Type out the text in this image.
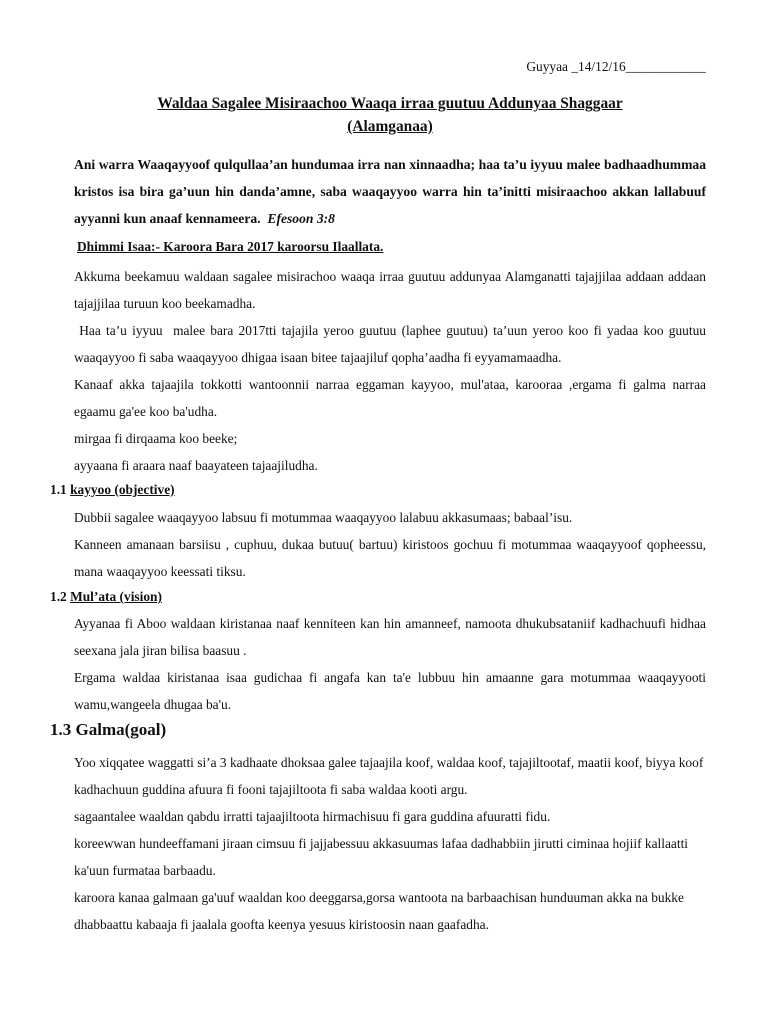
Guyyaa _14/12/16____________
Waldaa Sagalee Misiraachoo Waaqa irraa guutuu Addunyaa Shaggaar
(Alamganaa)
Ani warra Waaqayyoof qulqullaa’an hundumaa irra nan xinnaadha; haa ta’u iyyuu malee badhaadhummaa kristos isa bira ga’uun hin danda’amne, saba waaqayyoo warra hin ta’initti misiraachoo akkan lallabuuf ayyanni kun anaaf kennameera. Efesoon 3:8
Dhimmi Isaa:- Karoora Bara 2017 karoorsu Ilaallata.

Akkuma beekamuu waldaan sagalee misirachoo waaqa irraa guutuu addunyaa Alamganatti tajajjilaa addaan addaan tajajjilaa turuun koo beekamadha.

Haa ta’u iyyuu  malee bara 2017tti tajajila yeroo guutuu (laphee guutuu) ta’uun yeroo koo fi yadaa koo guutuu  waaqayyoo fi saba waaqayyoo dhigaa isaan bitee tajaajiluf qopha’aadha fi eyyamamaadha.

Kanaaf akka tajaajila tokkotti wantoonnii narraa eggaman kayyoo, mul'ataa, karooraa ,ergama fi galma narraa egaamu ga'ee koo ba'udha.

mirgaa fi dirqaama koo beeke;

ayyaana fi araara naaf baayateen tajaajiludha.

1.1 kayyoo (objective)

Dubbii sagalee waaqayyoo labsuu fi motummaa waaqayyoo lalabuu akkasumaas; babaal’isu.

Kanneen amanaan barsiisu , cuphuu, dukaa butuu( bartuu) kiristoos gochuu fi motummaa waaqayyoof qopheessu, mana waaqayyoo keessati tiksu.

1.2 Mul’ata (vision)

Ayyanaa fi Aboo waldaan kiristanaa naaf kenniteen kan hin amanneef, namoota dhukubsataniif kadhachuufi hidhaa seexana jala jiran bilisa baasuu .

Ergama waldaa kiristanaa isaa gudichaa fi angafa kan ta'e lubbuu hin amaanne gara motummaa waaqayyooti wamu,wangeela dhugaa ba'u.

1.3 Galma(goal)

Yoo xiqqatee waggatti si’a 3 kadhaate dhoksaa galee tajaajila koof, waldaa koof, tajajiltootaf, maatii koof, biyya koof kadhachuun guddina afuura fi fooni tajajiltoota fi saba waldaa kooti argu.

sagaantalee waaldan qabdu irratti tajaajiltoota hirmachisuu fi gara guddina afuuratti fidu.

koreewwan hundeeffamani jiraan cimsuu fi jajjabessuu akkasuumas lafaa dadhabbiin jirutti ciminaa hojiif kallaatti ka'uun furmataa barbaadu.

karoora kanaa galmaan ga'uuf waaldan koo deeggarsa,gorsa wantoota na barbaachisan hunduuman akka na bukke dhabbaattu kabaaja fi jaalala goofta keenya yesuus kiristoosin naan gaafadha.
